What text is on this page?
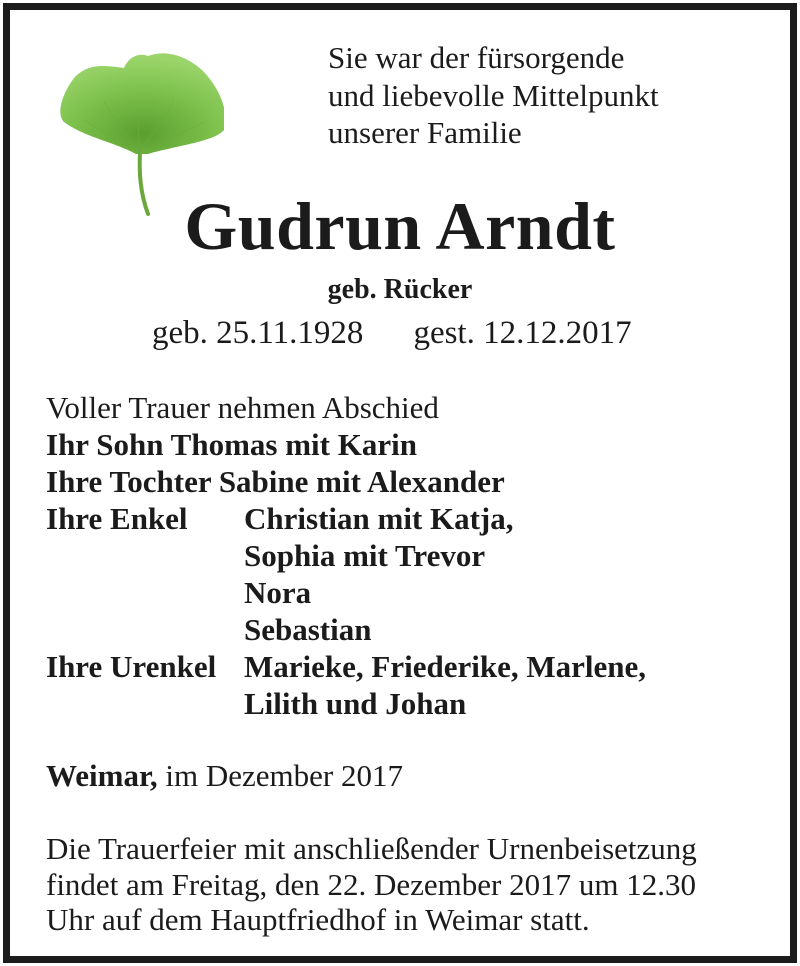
Sie war der fürsorgende
und liebevolle Mittelpunkt
unserer Familie
Gudrun Arndt
geb. Rücker
geb. 25.11.1928 gest. 12.12.2017
Voller Trauer nehmen Abschied
Ihr Sohn Thomas mit Karin
Ihre Tochter Sabine mit Alexander
Ihre Enkel Christian mit Katja,
Sophia mit Trevor
Nora
Sebastian
Ihre Urenkel Marieke, Friederike, Marlene,
Lilith und Johan
Weimar, im Dezember 2017
Die Trauerfeier mit anschließender Urnenbeisetzung
findet am Freitag, den 22. Dezember 2017 um 12.30
Uhr auf dem Hauptfriedhof in Weimar statt.
